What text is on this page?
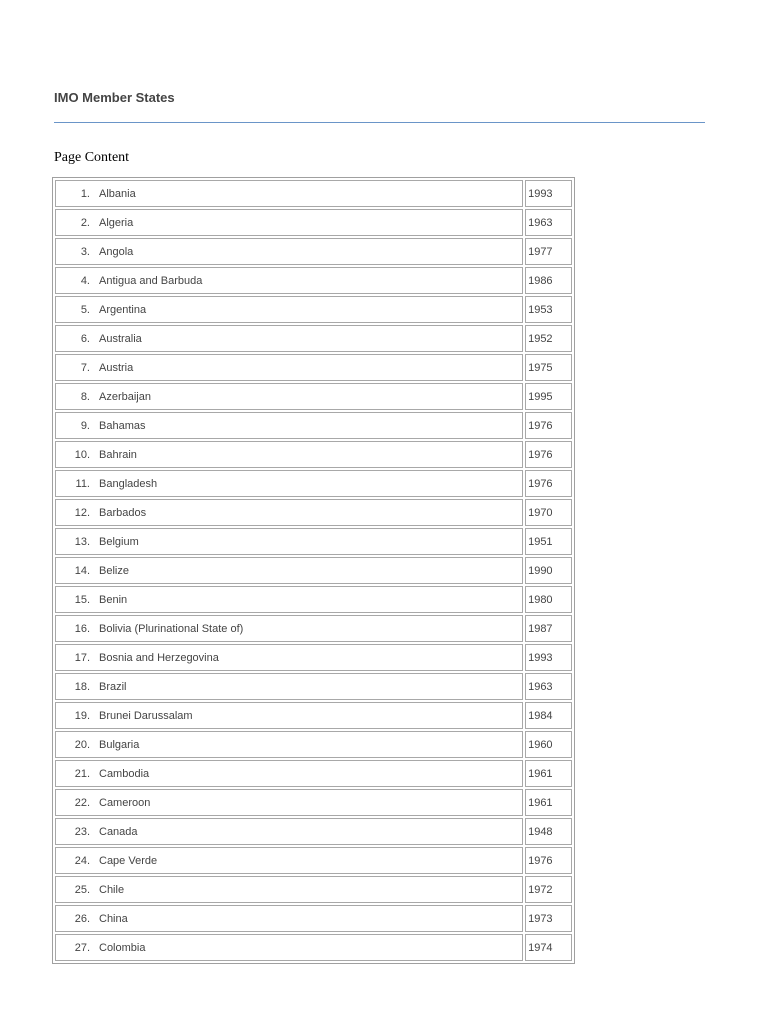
IMO Member States
Page Content
1. Albania	1993
2. Algeria	1963
3. Angola	1977
4. Antigua and Barbuda	1986
5. Argentina	1953
6. Australia	1952
7. Austria	1975
8. Azerbaijan	1995
9. Bahamas	1976
10. Bahrain	1976
11. Bangladesh	1976
12. Barbados	1970
13. Belgium	1951
14. Belize	1990
15. Benin	1980
16. Bolivia (Plurinational State of)	1987
17. Bosnia and Herzegovina	1993
18. Brazil	1963
19. Brunei Darussalam	1984
20. Bulgaria	1960
21. Cambodia	1961
22. Cameroon	1961
23. Canada	1948
24. Cape Verde	1976
25. Chile	1972
26. China	1973
27. Colombia	1974
